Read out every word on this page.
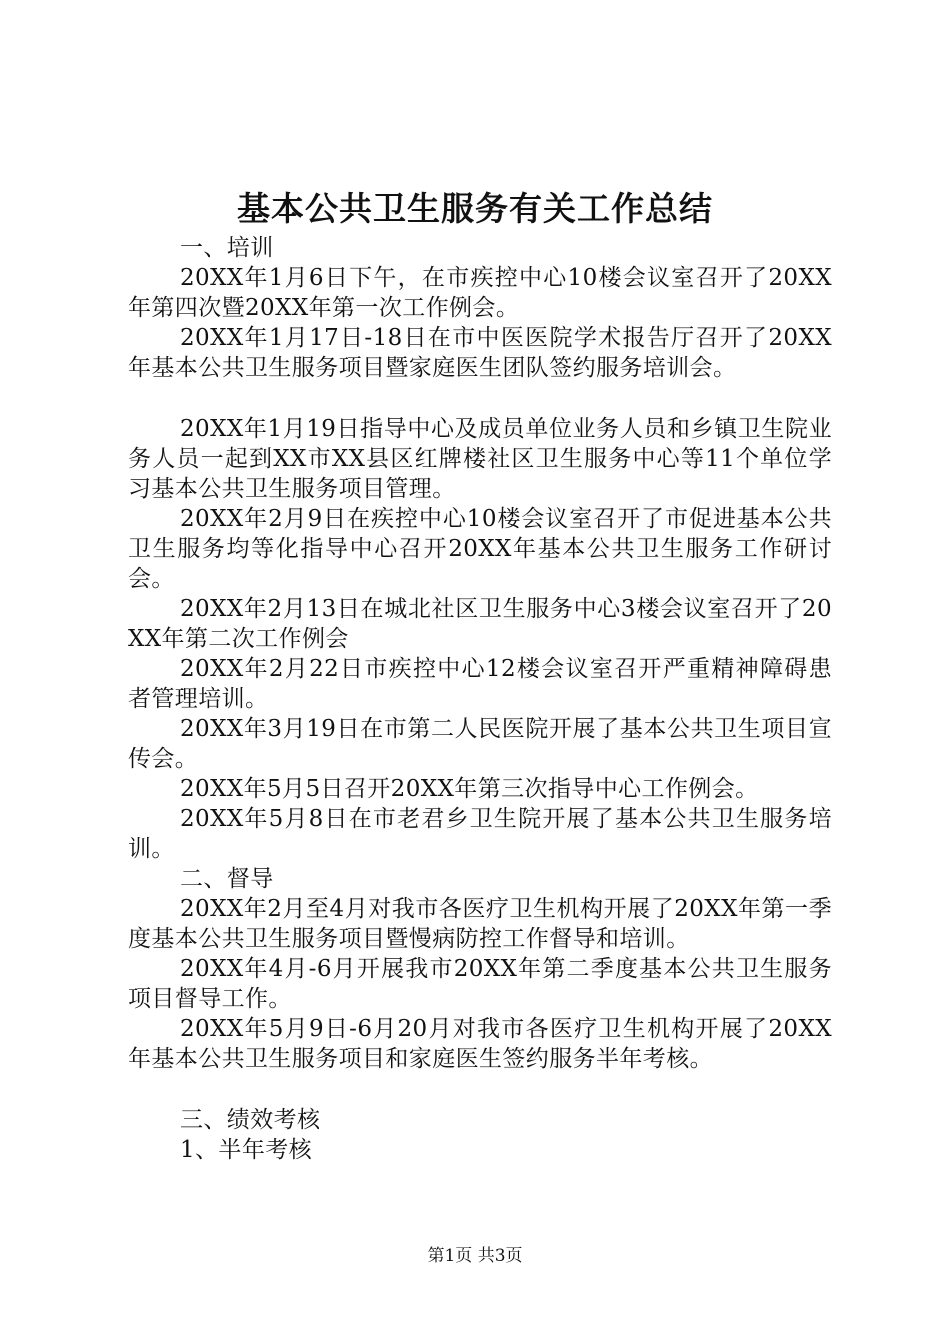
基本公共卫生服务有关工作总结

一、培训

20XX年1月6日下午，在市疾控中心10楼会议室召开了20XX年第四次暨20XX年第一次工作例会。

20XX年1月17日-18日在市中医医院学术报告厅召开了20XX年基本公共卫生服务项目暨家庭医生团队签约服务培训会。

20XX年1月19日指导中心及成员单位业务人员和乡镇卫生院业务人员一起到XX市XX县区红牌楼社区卫生服务中心等11个单位学习基本公共卫生服务项目管理。

20XX年2月9日在疾控中心10楼会议室召开了市促进基本公共卫生服务均等化指导中心召开20XX年基本公共卫生服务工作研讨会。

20XX年2月13日在城北社区卫生服务中心3楼会议室召开了20XX年第二次工作例会

20XX年2月22日市疾控中心12楼会议室召开严重精神障碍患者管理培训。

20XX年3月19日在市第二人民医院开展了基本公共卫生项目宣传会。

20XX年5月5日召开20XX年第三次指导中心工作例会。

20XX年5月8日在市老君乡卫生院开展了基本公共卫生服务培训。

二、督导

20XX年2月至4月对我市各医疗卫生机构开展了20XX年第一季度基本公共卫生服务项目暨慢病防控工作督导和培训。

20XX年4月-6月开展我市20XX年第二季度基本公共卫生服务项目督导工作。

20XX年5月9日-6月20月对我市各医疗卫生机构开展了20XX年基本公共卫生服务项目和家庭医生签约服务半年考核。

三、绩效考核

1、半年考核

第1页 共3页
